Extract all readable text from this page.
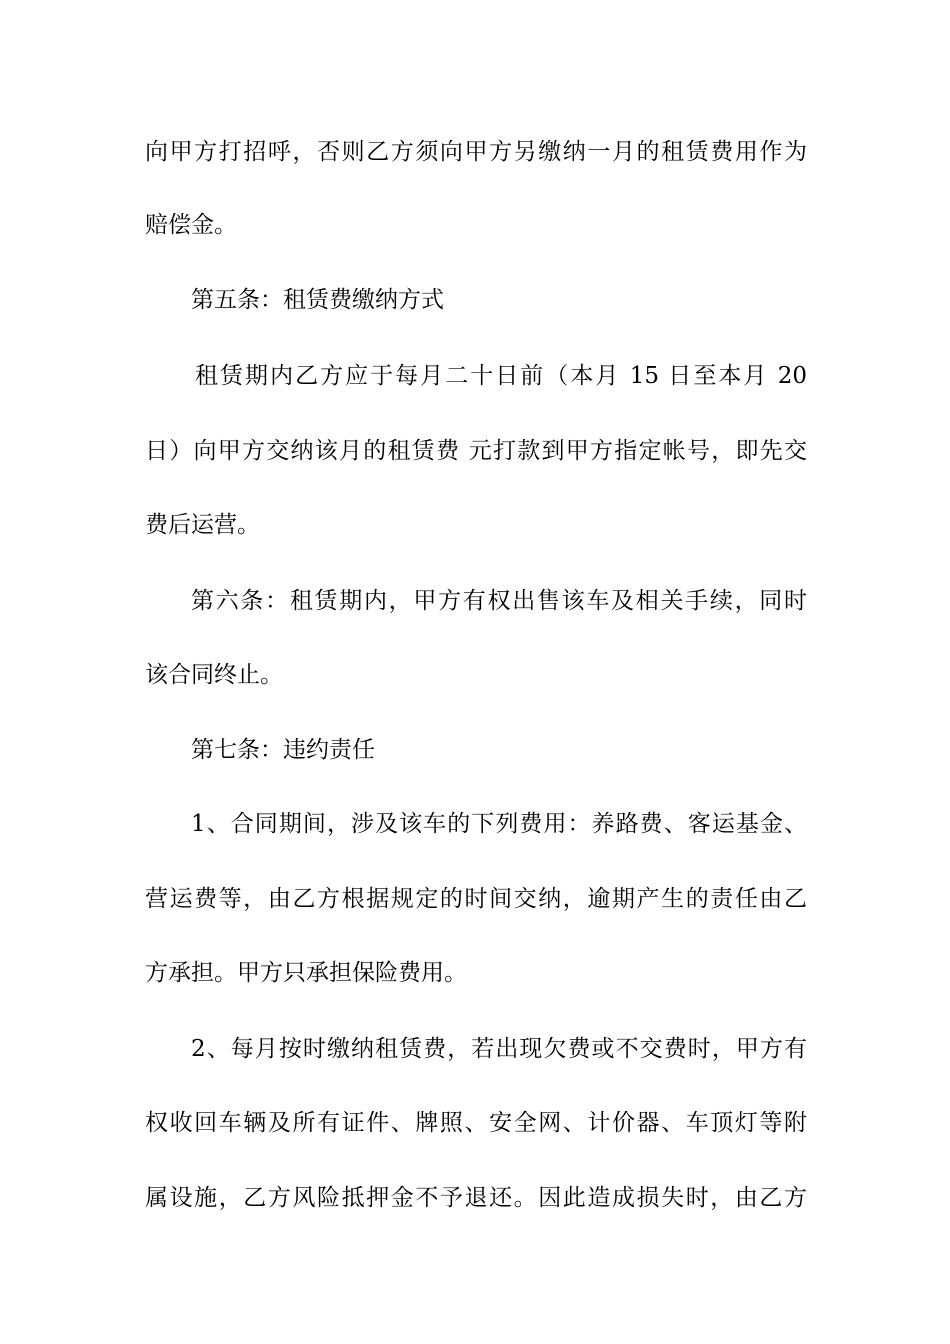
向甲方打招呼，否则乙方须向甲方另缴纳一月的租赁费用作为
赔偿金。
第五条：租赁费缴纳方式
租赁期内乙方应于每月二十日前（本月 15 日至本月 20
日）向甲方交纳该月的租赁费 元打款到甲方指定帐号，即先交
费后运营。
第六条：租赁期内，甲方有权出售该车及相关手续，同时
该合同终止。
第七条：违约责任
1、合同期间，涉及该车的下列费用：养路费、客运基金、
营运费等，由乙方根据规定的时间交纳，逾期产生的责任由乙
方承担。甲方只承担保险费用。
2、每月按时缴纳租赁费，若出现欠费或不交费时，甲方有
权收回车辆及所有证件、牌照、安全网、计价器、车顶灯等附
属设施，乙方风险抵押金不予退还。因此造成损失时，由乙方
